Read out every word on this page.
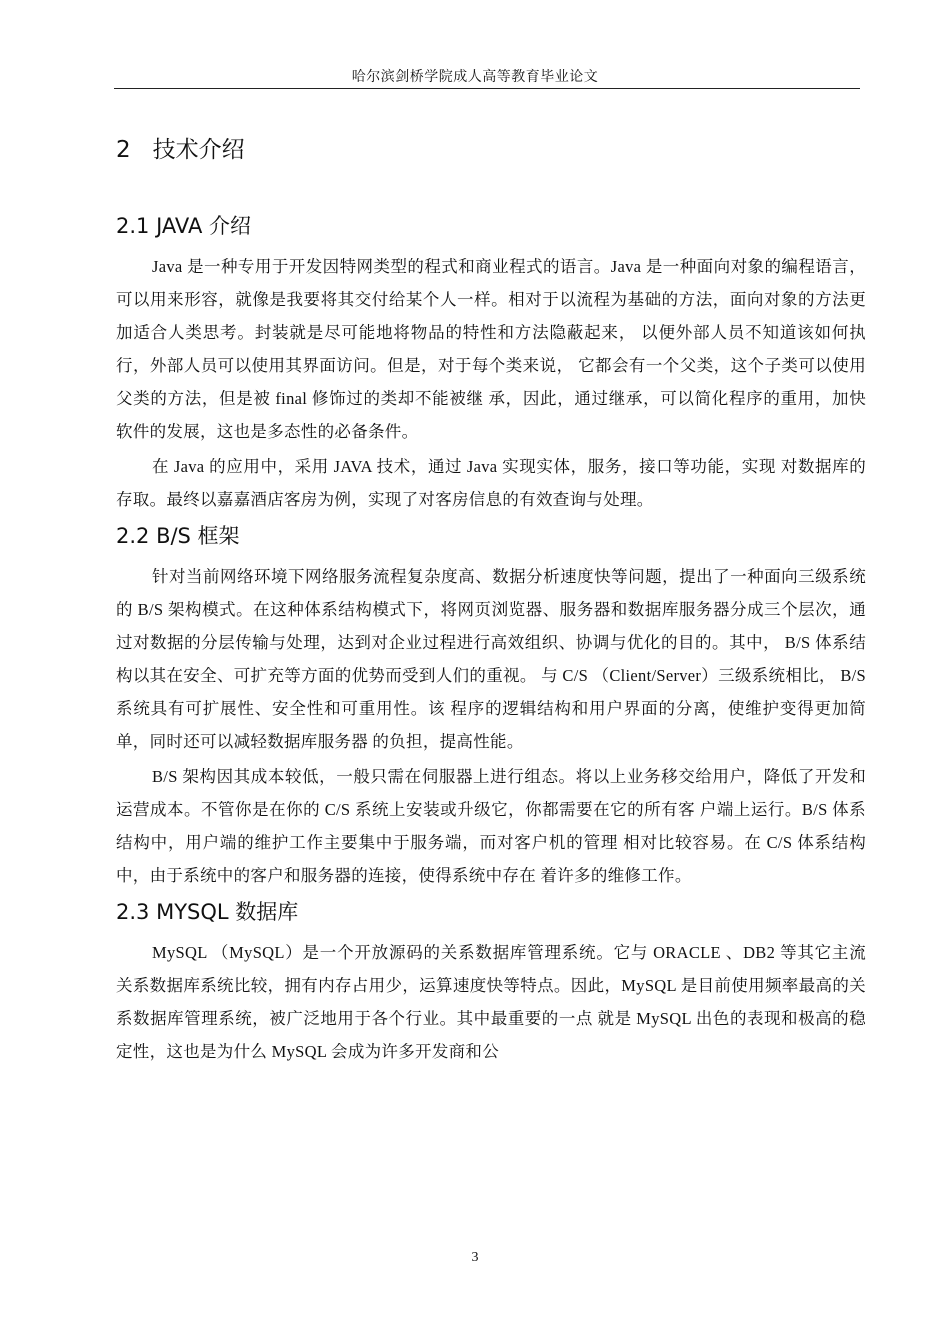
哈尔滨剑桥学院成人高等教育毕业论文
2 技术介绍
2.1 JAVA 介绍

Java 是一种专用于开发因特网类型的程式和商业程式的语言。Java 是一种面向对象的编程语言，可以用来形容，就像是我要将其交付给某个人一样。相对于以流程为基础的方法，面向对象的方法更加适合人类思考。封装就是尽可能地将物品的特性和方法隐蔽起来， 以便外部人员不知道该如何执行，外部人员可以使用其界面访问。但是，对于每个类来说， 它都会有一个父类，这个子类可以使用父类的方法，但是被 final 修饰过的类却不能被继 承，因此，通过继承，可以简化程序的重用，加快软件的发展，这也是多态性的必备条件。

在 Java 的应用中，采用 JAVA 技术，通过 Java 实现实体，服务，接口等功能，实现 对数据库的存取。最终以嘉嘉酒店客房为例，实现了对客房信息的有效查询与处理。

2.2 B/S 框架

针对当前网络环境下网络服务流程复杂度高、数据分析速度快等问题，提出了一种面向三级系统的 B/S 架构模式。在这种体系结构模式下，将网页浏览器、服务器和数据库服务器分成三个层次，通过对数据的分层传输与处理，达到对企业过程进行高效组织、协调与优化的目的。其中， B/S 体系结构以其在安全、可扩充等方面的优势而受到人们的重视。 与 C/S （Client/Server）三级系统相比， B/S 系统具有可扩展性、安全性和可重用性。该 程序的逻辑结构和用户界面的分离，使维护变得更加简单，同时还可以减轻数据库服务器 的负担，提高性能。

B/S 架构因其成本较低，一般只需在伺服器上进行组态。将以上业务移交给用户，降低了开发和运营成本。不管你是在你的 C/S 系统上安装或升级它，你都需要在它的所有客 户端上运行。B/S 体系结构中，用户端的维护工作主要集中于服务端，而对客户机的管理 相对比较容易。在 C/S 体系结构中，由于系统中的客户和服务器的连接，使得系统中存在 着许多的维修工作。

2.3 MYSQL 数据库

MySQL （MySQL）是一个开放源码的关系数据库管理系统。它与 ORACLE 、DB2 等其它主流关系数据库系统比较，拥有内存占用少，运算速度快等特点。因此，MySQL 是目前使用频率最高的关系数据库管理系统，被广泛地用于各个行业。其中最重要的一点 就是 MySQL 出色的表现和极高的稳定性，这也是为什么 MySQL 会成为许多开发商和公

3
